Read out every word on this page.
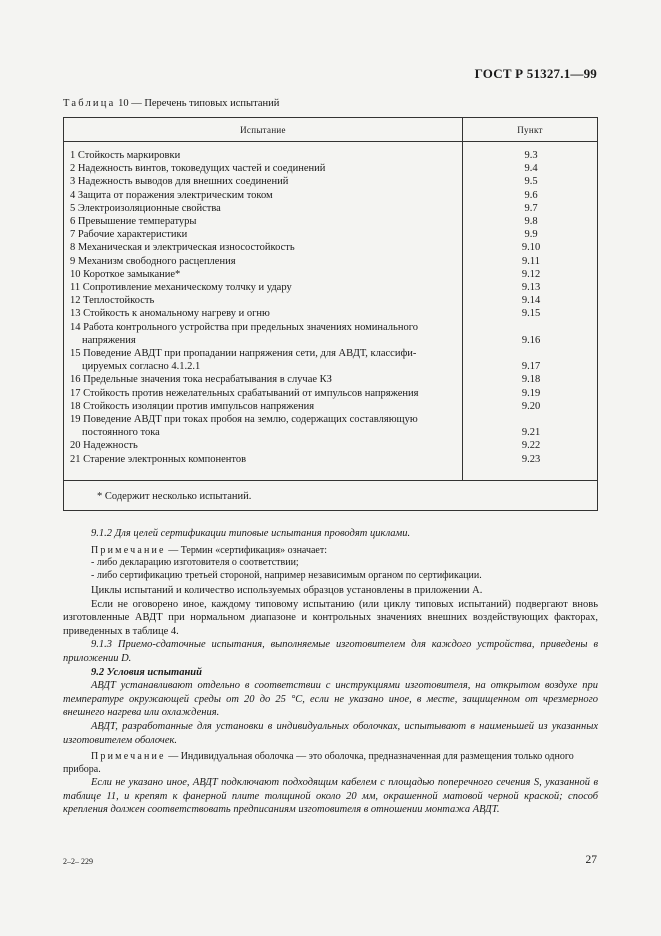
ГОСТ Р 51327.1—99
Таблица 10 — Перечень типовых испытаний
Испытание	Пункт
1 Стойкость маркировки	9.3
2 Надежность винтов, токоведущих частей и соединений	9.4
3 Надежность выводов для внешних соединений	9.5
4 Защита от поражения электрическим током	9.6
5 Электроизоляционные свойства	9.7
6 Превышение температуры	9.8
7 Рабочие характеристики	9.9
8 Механическая и электрическая износостойкость	9.10
9 Механизм свободного расцепления	9.11
10 Короткое замыкание*	9.12
11 Сопротивление механическому толчку и удару	9.13
12 Теплостойкость	9.14
13 Стойкость к аномальному нагреву и огню	9.15
14 Работа контрольного устройства при предельных значениях номинального
напряжения	9.16
15 Поведение АВДТ при пропадании напряжения сети, для АВДТ, классифи-
цируемых согласно 4.1.2.1	9.17
16 Предельные значения тока несрабатывания в случае КЗ	9.18
17 Стойкость против нежелательных срабатываний от импульсов напряжения	9.19
18 Стойкость изоляции против импульсов напряжения	9.20
19 Поведение АВДТ при токах пробоя на землю, содержащих составляющую
постоянного тока	9.21
20 Надежность	9.22
21 Старение электронных компонентов	9.23
* Содержит несколько испытаний.

9.1.2 Для целей сертификации типовые испытания проводят циклами.

Примечание — Термин «сертификация» означает:
- либо декларацию изготовителя о соответствии;
- либо сертификацию третьей стороной, например независимым органом по сертификации.

Циклы испытаний и количество используемых образцов установлены в приложении А.

Если не оговорено иное, каждому типовому испытанию (или циклу типовых испытаний) подвергают вновь изготовленные АВДТ при нормальном диапазоне и контрольных значениях внешних воздействующих факторах, приведенных в таблице 4.

9.1.3 Приемо-сдаточные испытания, выполняемые изготовителем для каждого устройства, приведены в приложении D.

9.2 Условия испытаний

АВДТ устанавливают отдельно в соответствии с инструкциями изготовителя, на открытом воздухе при температуре окружающей среды от 20 до 25 °С, если не указано иное, в месте, защищенном от чрезмерного внешнего нагрева или охлаждения.

АВДТ, разработанные для установки в индивидуальных оболочках, испытывают в наименьшей из указанных изготовителем оболочек.

Примечание — Индивидуальная оболочка — это оболочка, предназначенная для размещения только одного прибора.

Если не указано иное, АВДТ подключают подходящим кабелем с площадью поперечного сечения S, указанной в таблице 11, и крепят к фанерной плите толщиной около 20 мм, окрашенной матовой черной краской; способ крепления должен соответствовать предписаниям изготовителя в отношении монтажа АВДТ.

2–2– 229	27
